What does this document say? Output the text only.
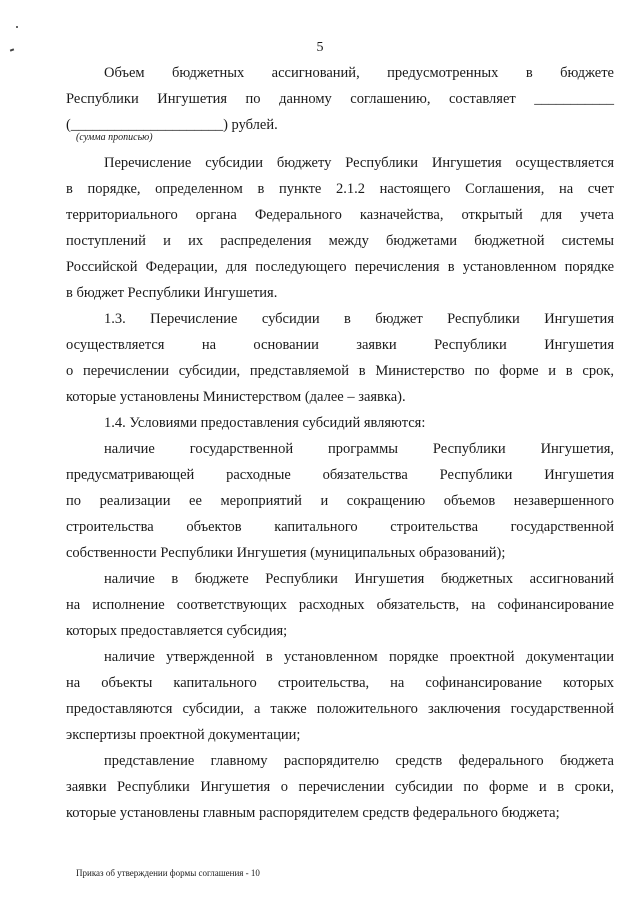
5
Объем бюджетных ассигнований, предусмотренных в бюджете
Республики Ингушетия по данному соглашению, составляет ___________
(_____________________) рублей.
(сумма прописью)
Перечисление субсидии бюджету Республики Ингушетия осуществляется
в порядке, определенном в пункте 2.1.2 настоящего Соглашения, на счет
территориального органа Федерального казначейства, открытый для учета
поступлений и их распределения между бюджетами бюджетной системы
Российской Федерации, для последующего перечисления в установленном порядке
в бюджет Республики Ингушетия.
1.3. Перечисление субсидии в бюджет Республики Ингушетия
осуществляется на основании заявки Республики Ингушетия
о перечислении субсидии, представляемой в Министерство по форме и в срок,
которые установлены Министерством (далее – заявка).
1.4. Условиями предоставления субсидий являются:
наличие государственной программы Республики Ингушетия,
предусматривающей расходные обязательства Республики Ингушетия
по реализации ее мероприятий и сокращению объемов незавершенного
строительства объектов капитального строительства государственной
собственности Республики Ингушетия (муниципальных образований);
наличие в бюджете Республики Ингушетия бюджетных ассигнований
на исполнение соответствующих расходных обязательств, на софинансирование
которых предоставляется субсидия;
наличие утвержденной в установленном порядке проектной документации
на объекты капитального строительства, на софинансирование которых
предоставляются субсидии, а также положительного заключения государственной
экспертизы проектной документации;
представление главному распорядителю средств федерального бюджета
заявки Республики Ингушетия о перечислении субсидии по форме и в сроки,
которые установлены главным распорядителем средств федерального бюджета;
Приказ об утверждении формы соглашения - 10
